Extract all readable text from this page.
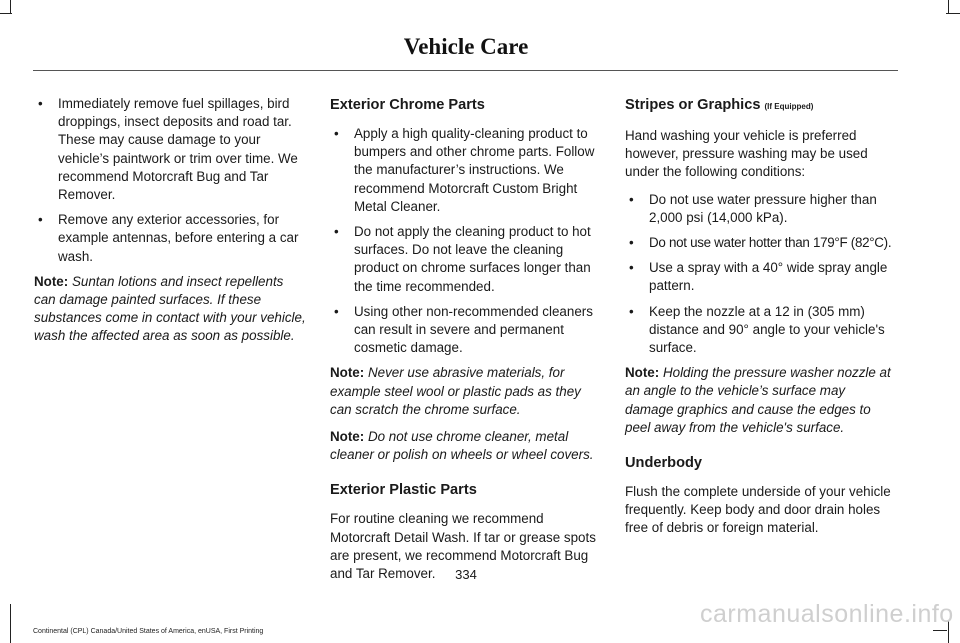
Vehicle Care
• Immediately remove fuel spillages, bird droppings, insect deposits and road tar. These may cause damage to your vehicle’s paintwork or trim over time. We recommend Motorcraft Bug and Tar Remover.
• Remove any exterior accessories, for example antennas, before entering a car wash.
Note: Suntan lotions and insect repellents can damage painted surfaces. If these substances come in contact with your vehicle, wash the affected area as soon as possible.
Exterior Chrome Parts
• Apply a high quality-cleaning product to bumpers and other chrome parts. Follow the manufacturer’s instructions. We recommend Motorcraft Custom Bright Metal Cleaner.
• Do not apply the cleaning product to hot surfaces. Do not leave the cleaning product on chrome surfaces longer than the time recommended.
• Using other non-recommended cleaners can result in severe and permanent cosmetic damage.
Note: Never use abrasive materials, for example steel wool or plastic pads as they can scratch the chrome surface.
Note: Do not use chrome cleaner, metal cleaner or polish on wheels or wheel covers.
Exterior Plastic Parts

For routine cleaning we recommend Motorcraft Detail Wash. If tar or grease spots are present, we recommend Motorcraft Bug and Tar Remover.

Stripes or Graphics (If Equipped)

Hand washing your vehicle is preferred however, pressure washing may be used under the following conditions:

• Do not use water pressure higher than 2,000 psi (14,000 kPa).
• Do not use water hotter than 179°F (82°C).
• Use a spray with a 40° wide spray angle pattern.
• Keep the nozzle at a 12 in (305 mm) distance and 90° angle to your vehicle's surface.
Note: Holding the pressure washer nozzle at an angle to the vehicle’s surface may damage graphics and cause the edges to peel away from the vehicle's surface.
Underbody

Flush the complete underside of your vehicle frequently. Keep body and door drain holes free of debris or foreign material.

334
Continental (CPL) Canada/United States of America, enUSA, First Printing
carmanualsonline.info
